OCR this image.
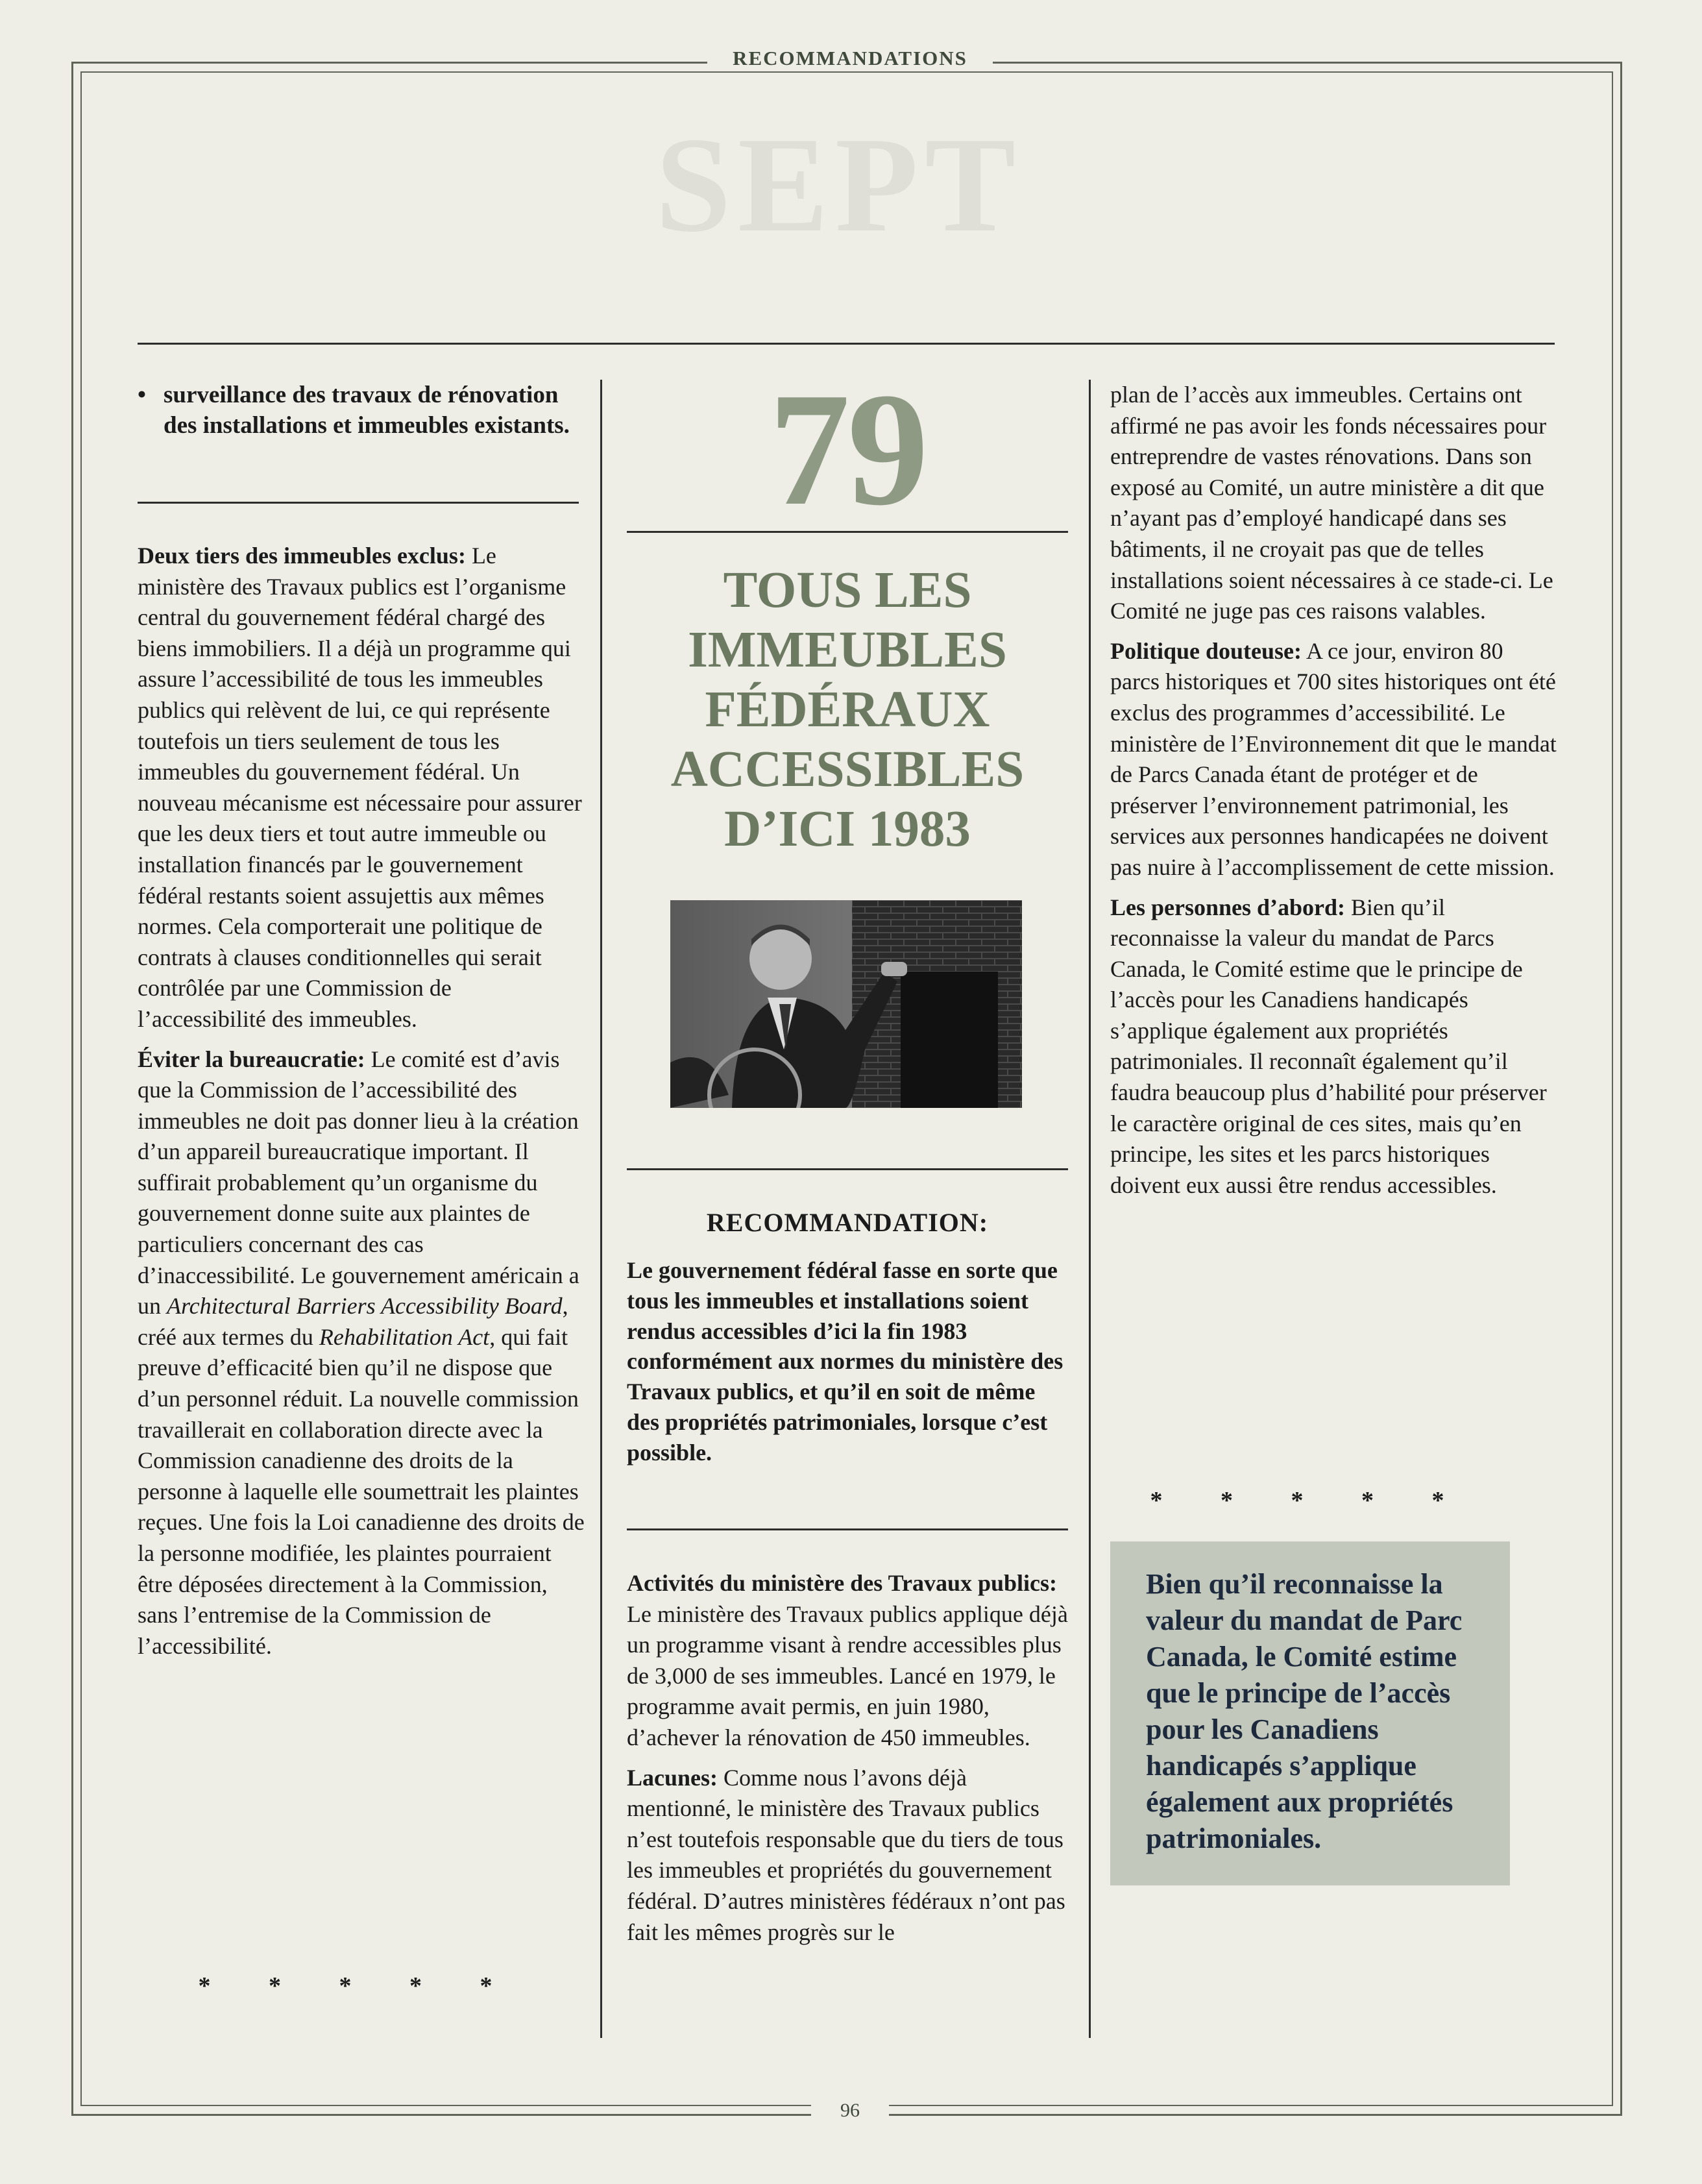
RECOMMANDATIONS
96
SEPT
• surveillance des travaux de rénovation des installations et immeubles existants.

Deux tiers des immeubles exclus: Le ministère des Travaux publics est l’organisme central du gouvernement fédéral chargé des biens immobiliers. Il a déjà un programme qui assure l’accessibilité de tous les immeubles publics qui relèvent de lui, ce qui représente toutefois un tiers seulement de tous les immeubles du gouvernement fédéral. Un nouveau mécanisme est nécessaire pour assurer que les deux tiers et tout autre immeuble ou installation financés par le gouvernement fédéral restants soient assujettis aux mêmes normes. Cela comporterait une politique de contrats à clauses conditionnelles qui serait contrôlée par une Commission de l’accessibilité des immeubles.

Éviter la bureaucratie: Le comité est d’avis que la Commission de l’accessibilité des immeubles ne doit pas donner lieu à la création d’un appareil bureaucratique important. Il suffirait probablement qu’un organisme du gouvernement donne suite aux plaintes de particuliers concernant des cas d’inaccessibilité. Le gouvernement américain a un Architectural Barriers Accessibility Board, créé aux termes du Rehabilitation Act, qui fait preuve d’efficacité bien qu’il ne dispose que d’un personnel réduit. La nouvelle commission travaillerait en collaboration directe avec la Commission canadienne des droits de la personne à laquelle elle soumettrait les plaintes reçues. Une fois la Loi canadienne des droits de la personne modifiée, les plaintes pourraient être déposées directement à la Commission, sans l’entremise de la Commission de l’accessibilité.

* * * * *
79
TOUS LES
IMMEUBLES
FÉDÉRAUX
ACCESSIBLES
D’ICI 1983
RECOMMANDATION:
Le gouvernement fédéral fasse en sorte que tous les immeubles et installations soient rendus accessibles d’ici la fin 1983 conformément aux normes du ministère des Travaux publics, et qu’il en soit de même des propriétés patrimoniales, lorsque c’est possible.

Activités du ministère des Travaux publics: Le ministère des Travaux publics applique déjà un programme visant à rendre accessibles plus de 3,000 de ses immeubles. Lancé en 1979, le programme avait permis, en juin 1980, d’achever la rénovation de 450 immeubles.

Lacunes: Comme nous l’avons déjà mentionné, le ministère des Travaux publics n’est toutefois responsable que du tiers de tous les immeubles et propriétés du gouvernement fédéral. D’autres ministères fédéraux n’ont pas fait les mêmes progrès sur le

plan de l’accès aux immeubles. Certains ont affirmé ne pas avoir les fonds nécessaires pour entreprendre de vastes rénovations. Dans son exposé au Comité, un autre ministère a dit que n’ayant pas d’employé handicapé dans ses bâtiments, il ne croyait pas que de telles installations soient nécessaires à ce stade-ci. Le Comité ne juge pas ces raisons valables.

Politique douteuse: A ce jour, environ 80 parcs historiques et 700 sites historiques ont été exclus des programmes d’accessibilité. Le ministère de l’Environnement dit que le mandat de Parcs Canada étant de protéger et de préserver l’environnement patrimonial, les services aux personnes handicapées ne doivent pas nuire à l’accomplissement de cette mission.

Les personnes d’abord: Bien qu’il reconnaisse la valeur du mandat de Parcs Canada, le Comité estime que le principe de l’accès pour les Canadiens handicapés s’applique également aux propriétés patrimoniales. Il reconnaît également qu’il faudra beaucoup plus d’habilité pour préserver le caractère original de ces sites, mais qu’en principe, les sites et les parcs historiques doivent eux aussi être rendus accessibles.

* * * * *
Bien qu’il reconnaisse la valeur du mandat de Parc Canada, le Comité estime que le principe de l’accès pour les Canadiens handicapés s’applique également aux propriétés patrimoniales.
